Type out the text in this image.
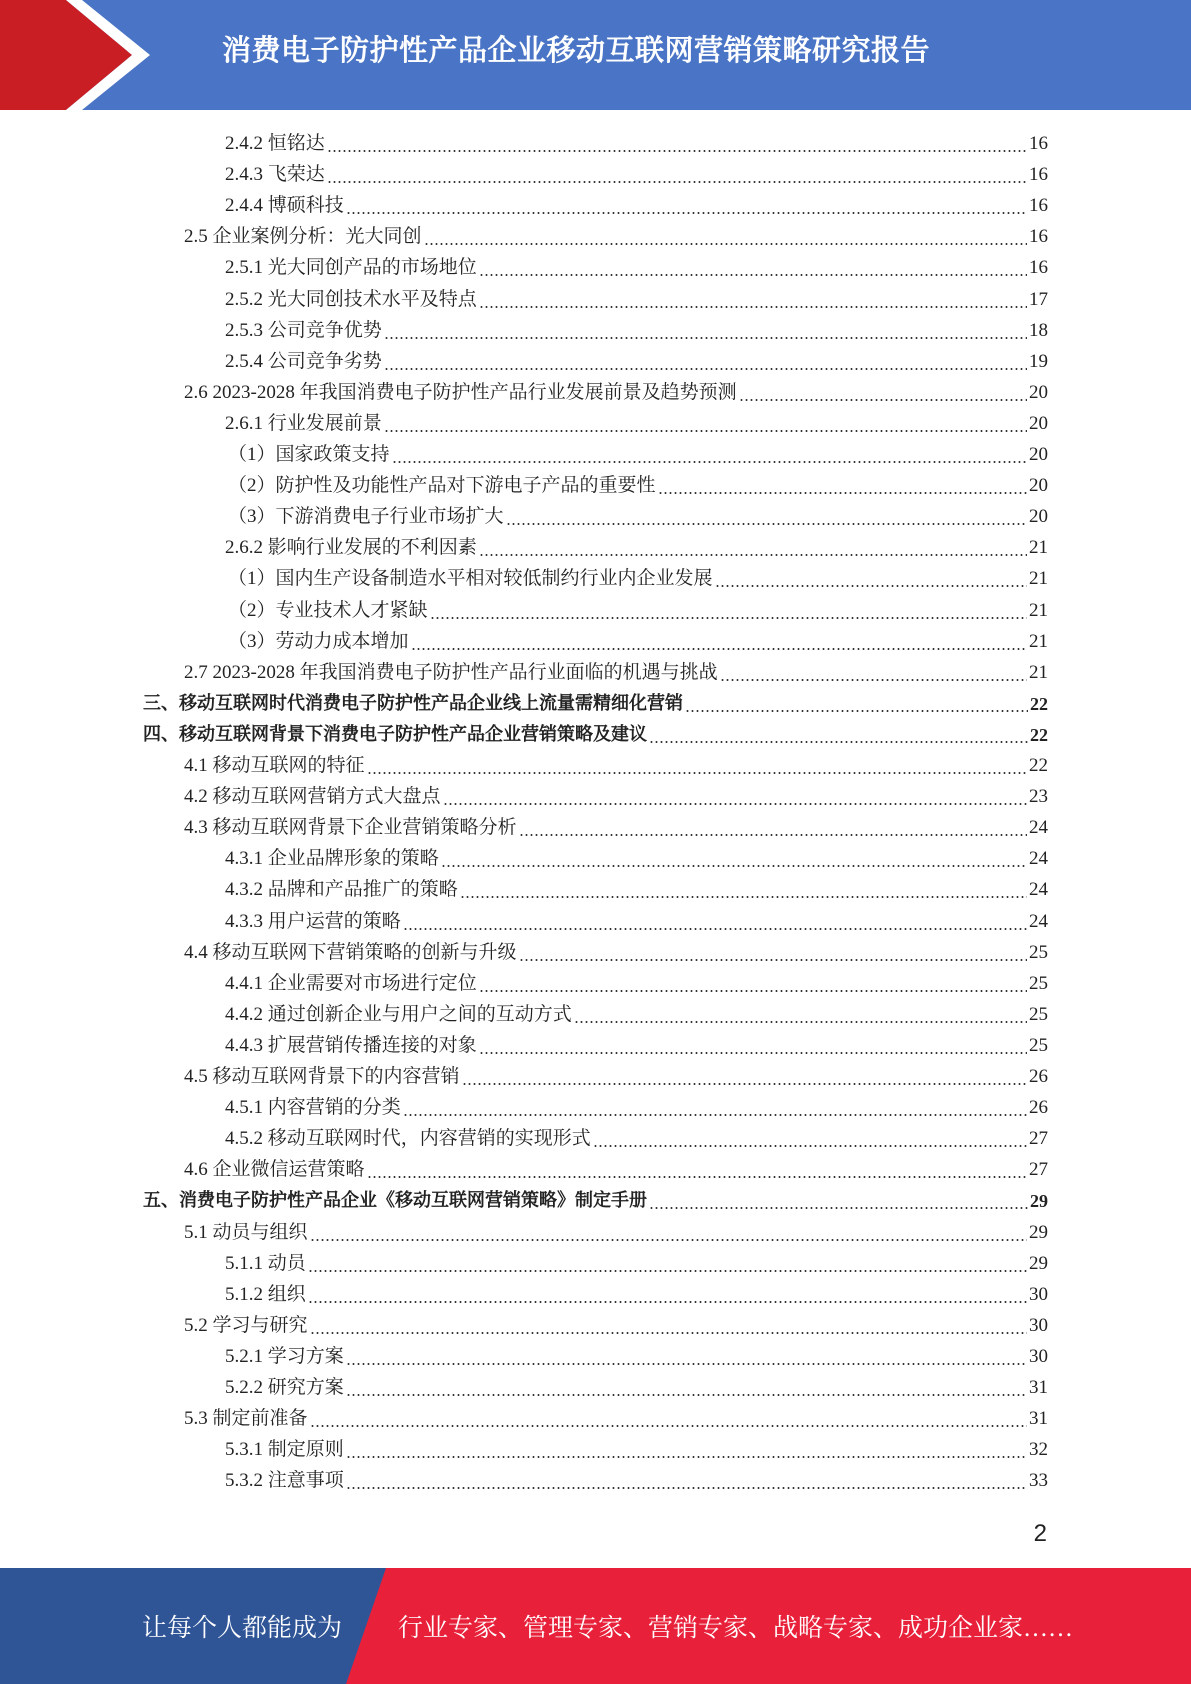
消费电子防护性产品企业移动互联网营销策略研究报告
2.4.2 恒铭达	16
2.4.3 飞荣达	16
2.4.4 博硕科技	16
2.5 企业案例分析：光大同创	16
2.5.1 光大同创产品的市场地位	16
2.5.2 光大同创技术水平及特点	17
2.5.3 公司竞争优势	18
2.5.4 公司竞争劣势	19
2.6 2023-2028 年我国消费电子防护性产品行业发展前景及趋势预测	20
2.6.1 行业发展前景	20
（1）国家政策支持	20
（2）防护性及功能性产品对下游电子产品的重要性	20
（3）下游消费电子行业市场扩大	20
2.6.2 影响行业发展的不利因素	21
（1）国内生产设备制造水平相对较低制约行业内企业发展	21
（2）专业技术人才紧缺	21
（3）劳动力成本增加	21
2.7 2023-2028 年我国消费电子防护性产品行业面临的机遇与挑战	21
三、移动互联网时代消费电子防护性产品企业线上流量需精细化营销	22
四、移动互联网背景下消费电子防护性产品企业营销策略及建议	22
4.1 移动互联网的特征	22
4.2 移动互联网营销方式大盘点	23
4.3 移动互联网背景下企业营销策略分析	24
4.3.1 企业品牌形象的策略	24
4.3.2 品牌和产品推广的策略	24
4.3.3 用户运营的策略	24
4.4 移动互联网下营销策略的创新与升级	25
4.4.1 企业需要对市场进行定位	25
4.4.2 通过创新企业与用户之间的互动方式	25
4.4.3 扩展营销传播连接的对象	25
4.5 移动互联网背景下的内容营销	26
4.5.1 内容营销的分类	26
4.5.2 移动互联网时代，内容营销的实现形式	27
4.6 企业微信运营策略	27
五、消费电子防护性产品企业《移动互联网营销策略》制定手册	29
5.1 动员与组织	29
5.1.1 动员	29
5.1.2 组织	30
5.2 学习与研究	30
5.2.1 学习方案	30
5.2.2 研究方案	31
5.3 制定前准备	31
5.3.1 制定原则	32
5.3.2 注意事项	33
2
让每个人都能成为 行业专家、管理专家、营销专家、战略专家、成功企业家……
